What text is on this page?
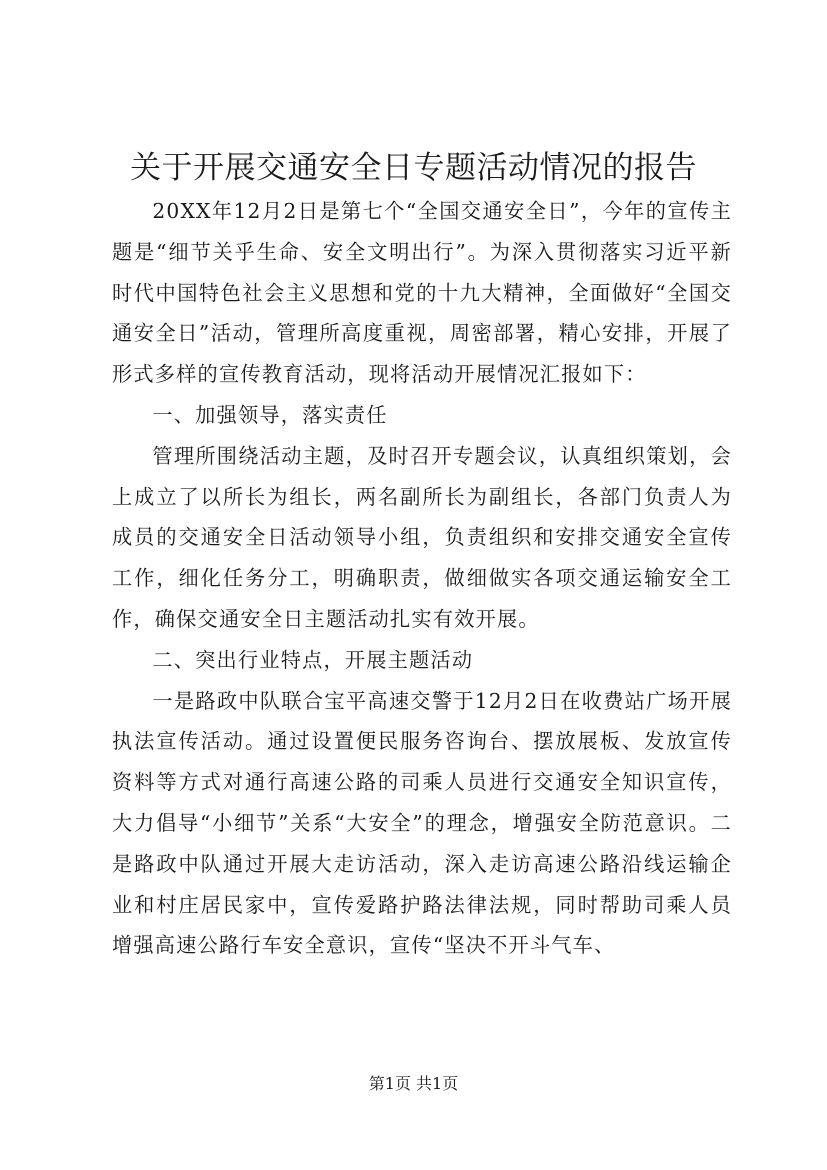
关于开展交通安全日专题活动情况的报告

20XX年12月2日是第七个“全国交通安全日”，今年的宣传主题是“细节关乎生命、安全文明出行”。为深入贯彻落实习近平新时代中国特色社会主义思想和党的十九大精神，全面做好“全国交通安全日”活动，管理所高度重视，周密部署，精心安排，开展了形式多样的宣传教育活动，现将活动开展情况汇报如下：

一、加强领导，落实责任

管理所围绕活动主题，及时召开专题会议，认真组织策划，会上成立了以所长为组长，两名副所长为副组长，各部门负责人为成员的交通安全日活动领导小组，负责组织和安排交通安全宣传工作，细化任务分工，明确职责，做细做实各项交通运输安全工作，确保交通安全日主题活动扎实有效开展。

二、突出行业特点，开展主题活动

一是路政中队联合宝平高速交警于12月2日在收费站广场开展执法宣传活动。通过设置便民服务咨询台、摆放展板、发放宣传资料等方式对通行高速公路的司乘人员进行交通安全知识宣传，大力倡导“小细节”关系“大安全”的理念，增强安全防范意识。二是路政中队通过开展大走访活动，深入走访高速公路沿线运输企业和村庄居民家中，宣传爱路护路法律法规，同时帮助司乘人员增强高速公路行车安全意识，宣传“坚决不开斗气车、

第1页 共1页
